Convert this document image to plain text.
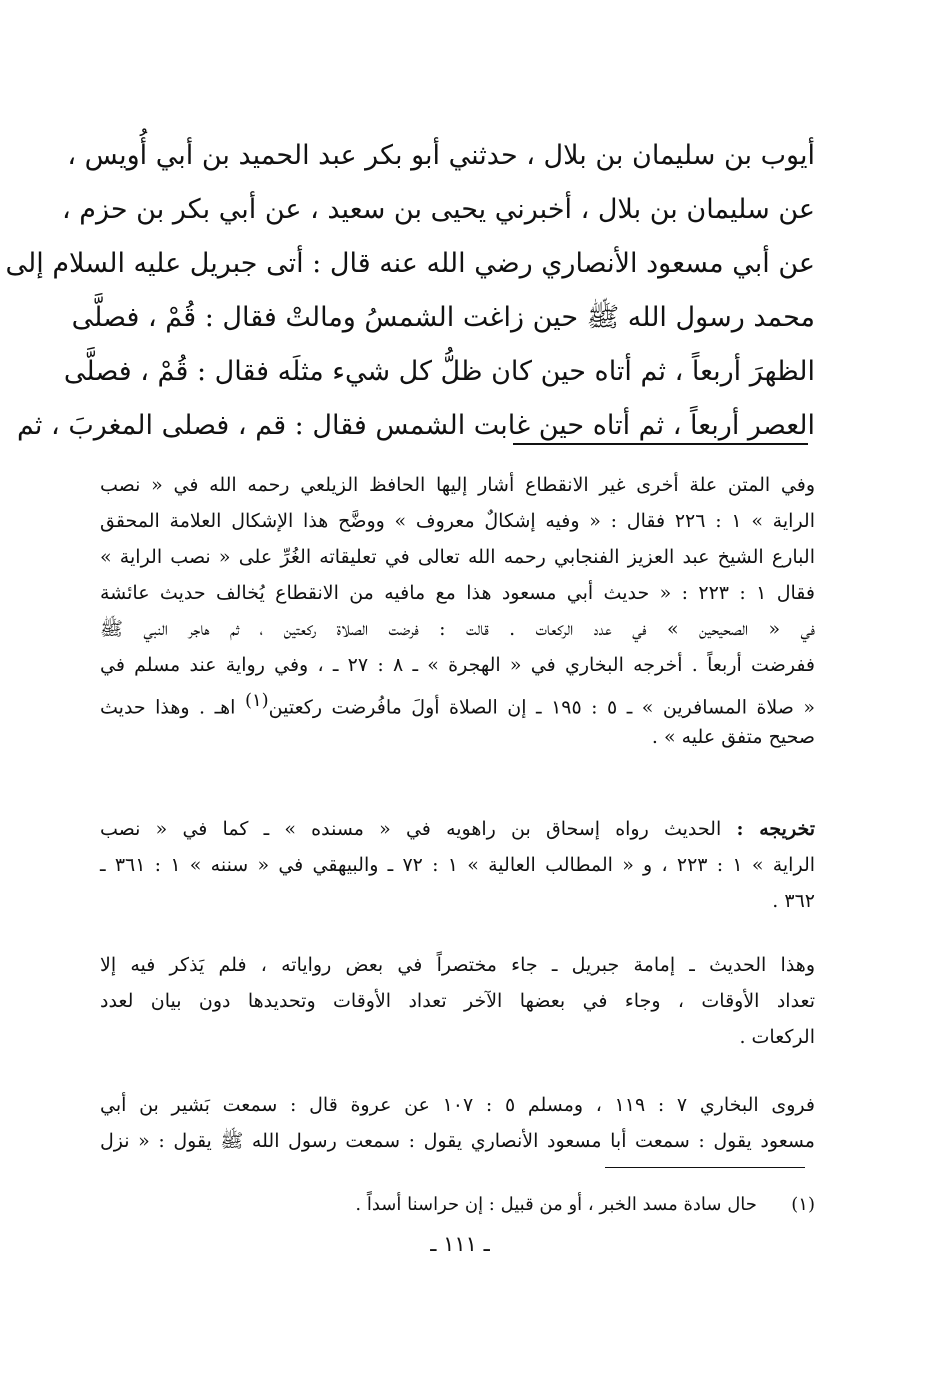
أيوب بن سليمان بن بلال ، حدثني أبو بكر عبد الحميد بن أبي أُويس ،
عن سليمان بن بلال ، أخبرني يحيى بن سعيد ، عن أبي بكر بن حزم ،
عن أبي مسعود الأنصاري رضي الله عنه قال : أتى جبريل عليه السلام إلى
محمد رسول الله ﷺ حين زاغت الشمسُ ومالتْ فقال : قُمْ ، فصلَّى
الظهرَ أربعاً ، ثم أتاه حين كان ظلُّ كل شيء مثلَه فقال : قُمْ ، فصلَّى
العصر أربعاً ، ثم أتاه حين غابت الشمس فقال : قم ، فصلى المغربَ ، ثم
وفي المتن علة أخرى غير الانقطاع أشار إليها الحافظ الزيلعي رحمه الله في « نصب
الراية » ١ : ٢٢٦ فقال : « وفيه إشكالٌ معروف » ووضَّح هذا الإشكال العلامة المحقق
البارع الشيخ عبد العزيز الفنجابي رحمه الله تعالى في تعليقاته الغُرِّ على « نصب الراية »
فقال ١ : ٢٢٣ : « حديث أبي مسعود هذا مع مافيه من الانقطاع يُخالف حديث عائشة
في « الصحيحين » في عدد الركعات . قالت : فرضت الصلاة ركعتين ، ثم هاجر النبي ﷺ
ففرضت أربعاً . أخرجه البخاري في « الهجرة » ـ ٨ : ٢٧ ـ ، وفي رواية عند مسلم في
« صلاة المسافرين » ـ ٥ : ١٩٥ ـ إن الصلاة أولَ مافُرضت ركعتين$^{(١)}$ اهـ . وهذا حديث
صحيح متفق عليه » .
تخريجه : الحديث رواه إسحاق بن راهويه في « مسنده » ـ كما في « نصب
الراية » ١ : ٢٢٣ ، و « المطالب العالية » ١ : ٧٢ ـ والبيهقي في « سننه » ١ : ٣٦١ ـ
٣٦٢ .
وهذا الحديث ـ إمامة جبريل ـ جاء مختصراً في بعض رواياته ، فلم يَذكر فيه إلا
تعداد الأوقات ، وجاء في بعضها الآخر تعداد الأوقات وتحديدها دون بيان لعدد
الركعات .
فروى البخاري ٧ : ١١٩ ، ومسلم ٥ : ١٠٧ عن عروة قال : سمعت بَشير بن أبي
مسعود يقول : سمعت أبا مسعود الأنصاري يقول : سمعت رسول الله ﷺ يقول : « نزل
(١)      حال سادة مسد الخبر ، أو من قبيل : إن حراسنا أسداً .
ـ ١١١ ـ
